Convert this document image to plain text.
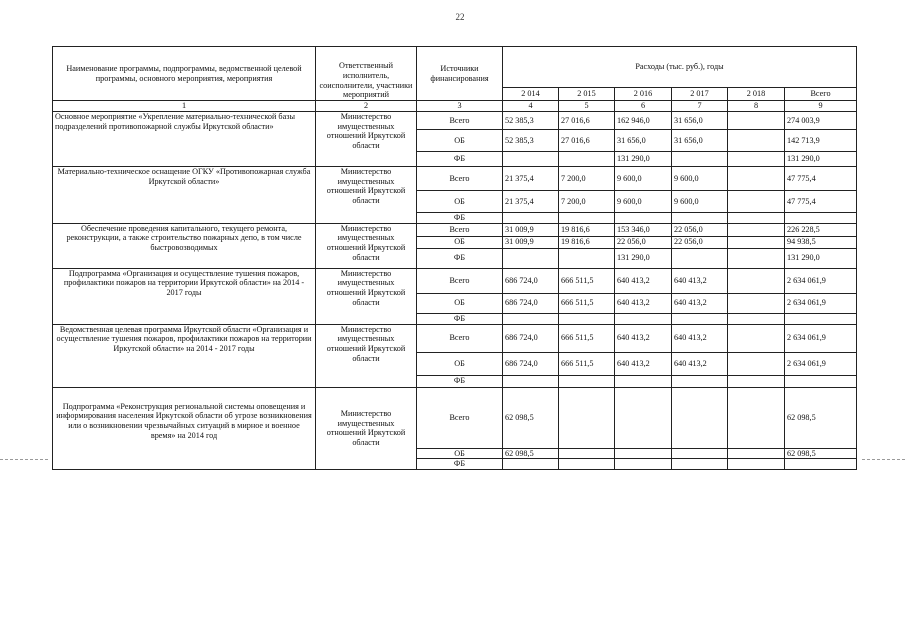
22
Наименование программы, подпрограммы, ведомственной целевой программы, основного мероприятия, мероприятия	Ответственный исполнитель, соисполнители, участники мероприятий	Источники финансирования	Расходы (тыс. руб.), годы					
			2 014	2 015	2 016	2 017	2 018	Всего
1	2	3	4	5	6	7	8	9
Основное мероприятие «Укрепление материально-технической базы подразделений противопожарной службы Иркутской области»	Министерство имущественных отношений Иркутской области	Всего	52 385,3	27 016,6	162 946,0	31 656,0		274 003,9
		ОБ	52 385,3	27 016,6	31 656,0	31 656,0		142 713,9
		ФБ			131 290,0			131 290,0
Материально-техническое оснащение ОГКУ «Противопожарная служба Иркутской области»	Министерство имущественных отношений Иркутской области	Всего	21 375,4	7 200,0	9 600,0	9 600,0		47 775,4
		ОБ	21 375,4	7 200,0	9 600,0	9 600,0		47 775,4
		ФБ						
Обеспечение проведения капитального, текущего ремонта, реконструкции, а также строительство пожарных депо, в том числе быстровозводимых	Министерство имущественных отношений Иркутской области	Всего	31 009,9	19 816,6	153 346,0	22 056,0		226 228,5
		ОБ	31 009,9	19 816,6	22 056,0	22 056,0		94 938,5
		ФБ			131 290,0			131 290,0
Подпрограмма «Организация и осуществление тушения пожаров, профилактики пожаров на территории Иркутской области» на 2014 - 2017 годы	Министерство имущественных отношений Иркутской области	Всего	686 724,0	666 511,5	640 413,2	640 413,2		2 634 061,9
		ОБ	686 724,0	666 511,5	640 413,2	640 413,2		2 634 061,9
		ФБ						
Ведомственная целевая программа Иркутской области «Организация и осуществление тушения пожаров, профилактики пожаров на территории Иркутской области» на 2014 - 2017 годы	Министерство имущественных отношений Иркутской области	Всего	686 724,0	666 511,5	640 413,2	640 413,2		2 634 061,9
		ОБ	686 724,0	666 511,5	640 413,2	640 413,2		2 634 061,9
		ФБ						
Подпрограмма «Реконструкция региональной системы оповещения и информирования населения Иркутской области об угрозе возникновения или о возникновении чрезвычайных ситуаций в мирное и военное время» на 2014 год	Министерство имущественных отношений Иркутской области	Всего	62 098,5					62 098,5
		ОБ	62 098,5					62 098,5
		ФБ						
